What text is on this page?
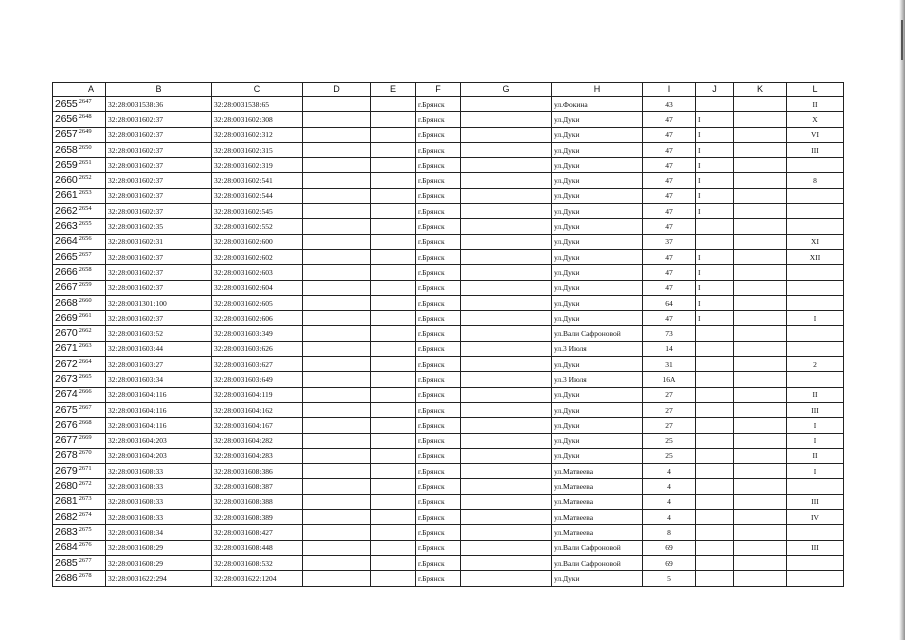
A	B	C	D	E	F	G	H	I	J	K	L
26552647	32:28:0031538:36	32:28:0031538:65			г.Брянск		ул.Фокина	43			II
26562648	32:28:0031602:37	32:28:0031602:308			г.Брянск		ул.Дуки	47	I		X
26572649	32:28:0031602:37	32:28:0031602:312			г.Брянск		ул.Дуки	47	I		VI
26582650	32:28:0031602:37	32:28:0031602:315			г.Брянск		ул.Дуки	47	I		III
26592651	32:28:0031602:37	32:28:0031602:319			г.Брянск		ул.Дуки	47	I		
26602652	32:28:0031602:37	32:28:0031602:541			г.Брянск		ул.Дуки	47	I		8
26612653	32:28:0031602:37	32:28:0031602:544			г.Брянск		ул.Дуки	47	I		
26622654	32:28:0031602:37	32:28:0031602:545			г.Брянск		ул.Дуки	47	I		
26632655	32:28:0031602:35	32:28:0031602:552			г.Брянск		ул.Дуки	47			
26642656	32:28:0031602:31	32:28:0031602:600			г.Брянск		ул.Дуки	37			XI
26652657	32:28:0031602:37	32:28:0031602:602			г.Брянск		ул.Дуки	47	I		XII
26662658	32:28:0031602:37	32:28:0031602:603			г.Брянск		ул.Дуки	47	I		
26672659	32:28:0031602:37	32:28:0031602:604			г.Брянск		ул.Дуки	47	I		
26682660	32:28:0031301:100	32:28:0031602:605			г.Брянск		ул.Дуки	64	I		
26692661	32:28:0031602:37	32:28:0031602:606			г.Брянск		ул.Дуки	47	I		I
26702662	32:28:0031603:52	32:28:0031603:349			г.Брянск		ул.Вали Сафроновой	73			
26712663	32:28:0031603:44	32:28:0031603:626			г.Брянск		ул.3 Июля	14			
26722664	32:28:0031603:27	32:28:0031603:627			г.Брянск		ул.Дуки	31			2
26732665	32:28:0031603:34	32:28:0031603:649			г.Брянск		ул.3 Июля	16А			
26742666	32:28:0031604:116	32:28:0031604:119			г.Брянск		ул.Дуки	27			II
26752667	32:28:0031604:116	32:28:0031604:162			г.Брянск		ул.Дуки	27			III
26762668	32:28:0031604:116	32:28:0031604:167			г.Брянск		ул.Дуки	27			I
26772669	32:28:0031604:203	32:28:0031604:282			г.Брянск		ул.Дуки	25			I
26782670	32:28:0031604:203	32:28:0031604:283			г.Брянск		ул.Дуки	25			II
26792671	32:28:0031608:33	32:28:0031608:386			г.Брянск		ул.Матвеева	4			I
26802672	32:28:0031608:33	32:28:0031608:387			г.Брянск		ул.Матвеева	4			
26812673	32:28:0031608:33	32:28:0031608:388			г.Брянск		ул.Матвеева	4			III
26822674	32:28:0031608:33	32:28:0031608:389			г.Брянск		ул.Матвеева	4			IV
26832675	32:28:0031608:34	32:28:0031608:427			г.Брянск		ул.Матвеева	8			
26842676	32:28:0031608:29	32:28:0031608:448			г.Брянск		ул.Вали Сафроновой	69			III
26852677	32:28:0031608:29	32:28:0031608:532			г.Брянск		ул.Вали Сафроновой	69			
26862678	32:28:0031622:294	32:28:0031622:1204			г.Брянск		ул.Дуки	5			
